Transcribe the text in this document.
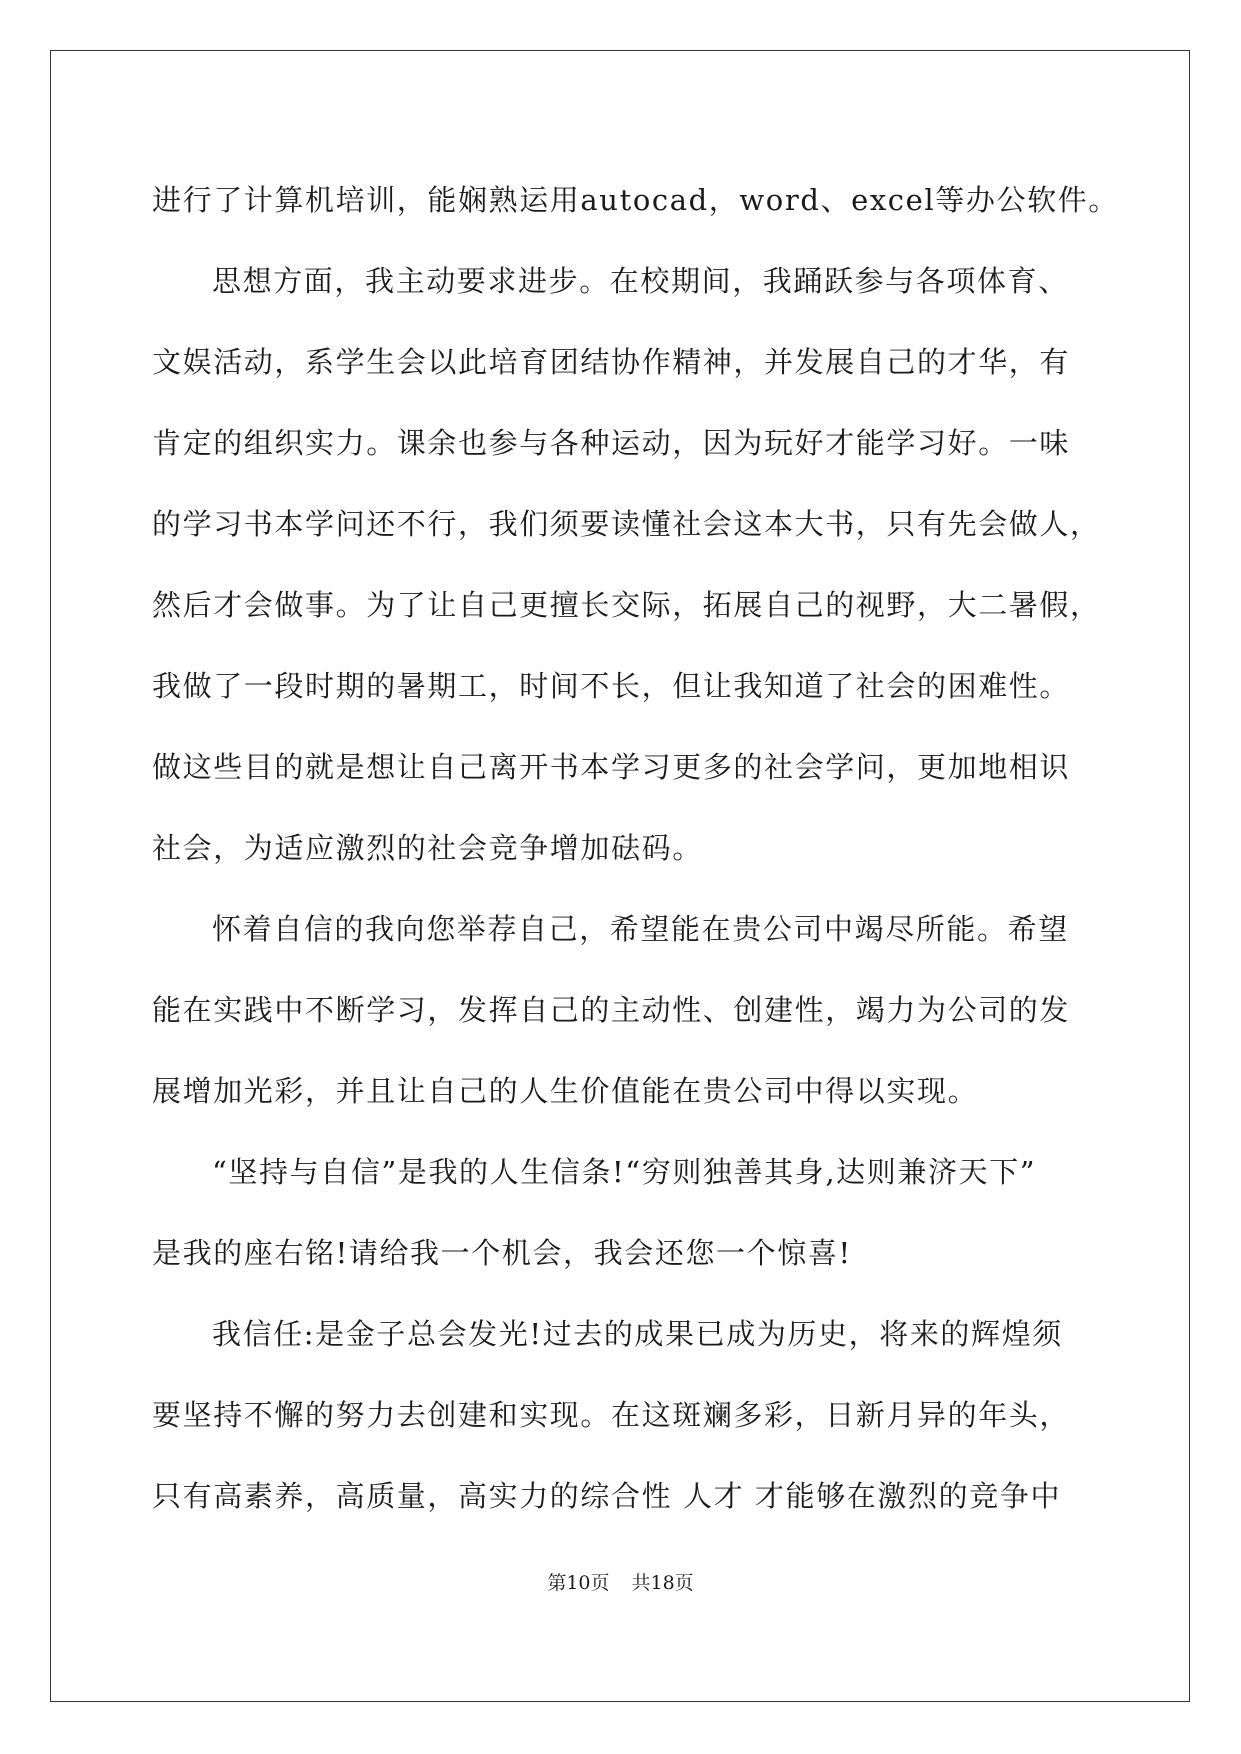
进行了计算机培训，能娴熟运用autocad，word、excel等办公软件。
思想方面，我主动要求进步。在校期间，我踊跃参与各项体育、
文娱活动，系学生会以此培育团结协作精神，并发展自己的才华，有
肯定的组织实力。课余也参与各种运动，因为玩好才能学习好。一味
的学习书本学问还不行，我们须要读懂社会这本大书，只有先会做人，
然后才会做事。为了让自己更擅长交际，拓展自己的视野，大二暑假，
我做了一段时期的暑期工，时间不长，但让我知道了社会的困难性。
做这些目的就是想让自己离开书本学习更多的社会学问，更加地相识
社会，为适应激烈的社会竞争增加砝码。
怀着自信的我向您举荐自己，希望能在贵公司中竭尽所能。希望
能在实践中不断学习，发挥自己的主动性、创建性，竭力为公司的发
展增加光彩，并且让自己的人生价值能在贵公司中得以实现。
“坚持与自信”是我的人生信条!“穷则独善其身,达则兼济天下”
是我的座右铭!请给我一个机会，我会还您一个惊喜!
我信任:是金子总会发光!过去的成果已成为历史，将来的辉煌须
要坚持不懈的努力去创建和实现。在这斑斓多彩，日新月异的年头，
只有高素养，高质量，高实力的综合性 人才 才能够在激烈的竞争中
第10页 共18页
